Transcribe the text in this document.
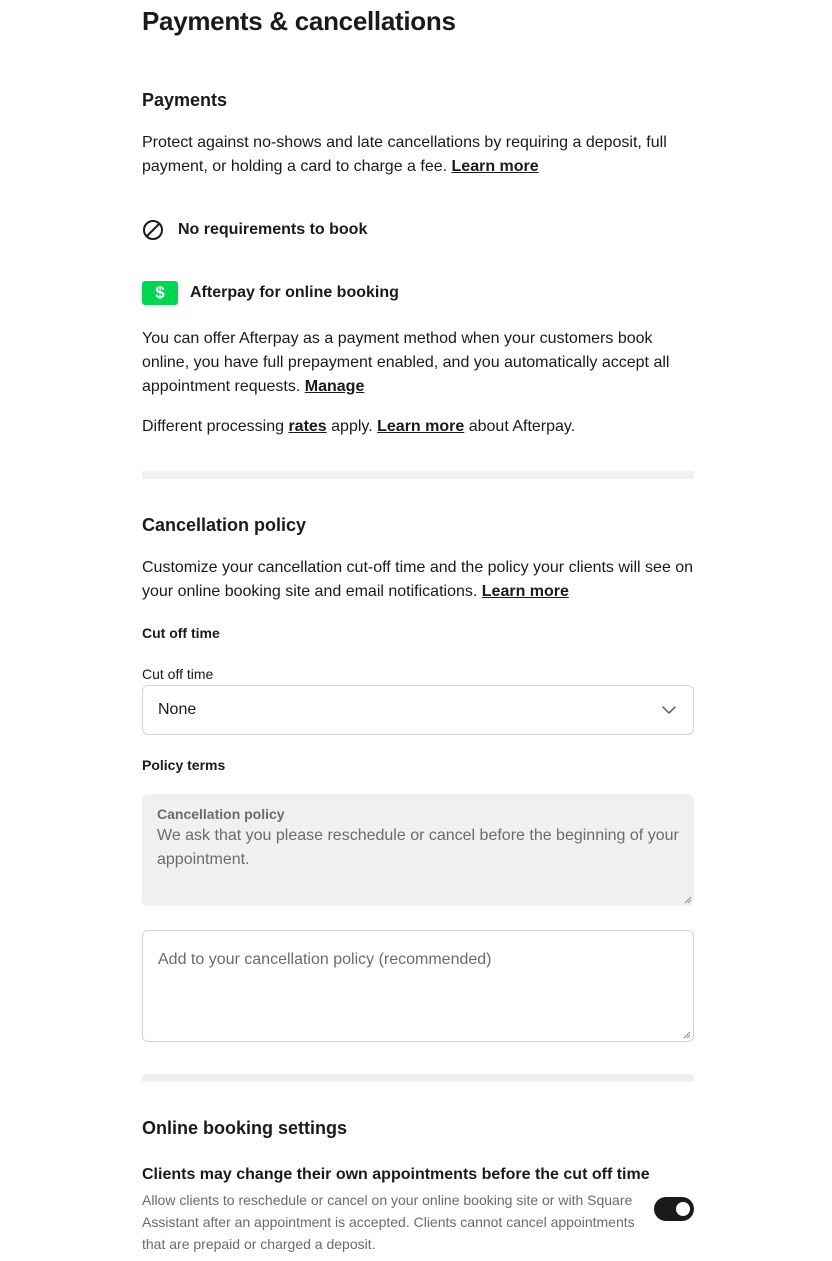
Payments & cancellations
Payments

Protect against no-shows and late cancellations by requiring a deposit, full payment, or holding a card to charge a fee. Learn more

No requirements to book
$	Afterpay for online booking

You can offer Afterpay as a payment method when your customers book online, you have full prepayment enabled, and you automatically accept all appointment requests. Manage

Different processing rates apply. Learn more about Afterpay.

Cancellation policy

Customize your cancellation cut-off time and the policy your clients will see on your online booking site and email notifications. Learn more

Cut off time
Cut off time
None
Policy terms
Cancellation policy
We ask that you please reschedule or cancel before the beginning of your appointment.
Add to your cancellation policy (recommended)
Online booking settings
Clients may change their own appointments before the cut off time
Allow clients to reschedule or cancel on your online booking site or with Square Assistant after an appointment is accepted. Clients cannot cancel appointments that are prepaid or charged a deposit.
